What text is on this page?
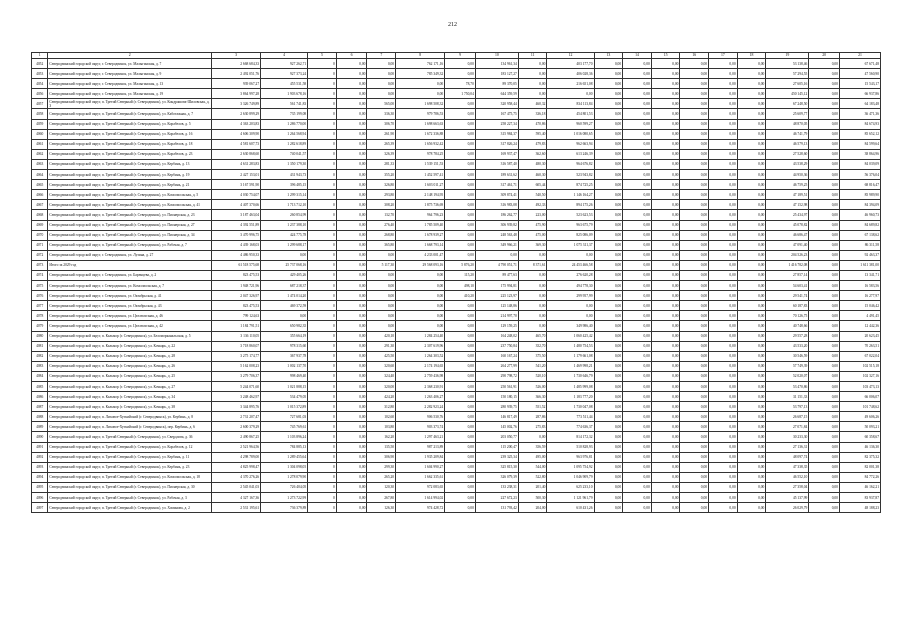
212
1	2	3	4	5	6	7	8	9	10	11	12	13	14	15	16	17	18	19	20	21
4052	Северодвинский городской округ, г. Северодвинск, ул. Малыгинская, д. 7	2 668 684,33	927 262,71	0	0,00	0,00	762 171,16	0,00	134 961,34	0,00	403 177,70	0,00	0,00	0,00	0,00	0,00	0,00	53 138,46	0,00	67 671,48
4053	Северодвинский городской округ, г. Северодвинск, ул. Малыгинская, д. 9	2 492 051,76	927 373,24	0	0,00	0,00	785 349,32	0,00	183 127,27	0,00	406 028,36	0,00	0,00	0,00	0,00	0,00	0,00	57 294,55	0,00	47 560,90
4054	Северодвинский городской округ, г. Северодвинск, ул. Малыгинская, д. 13	939 067,27	455 531,58	0	0,00	0,00	0,00	78,70	89 370,05	0,00	216 651,08	0,00	0,00	0,00	0,00	0,00	0,00	27 605,16	0,00	15 543,17
4056	Северодвинский городской округ, г. Северодвинск, ул. Малыгинская, д. 19	3 864 997,28	1 903 678,16	0	0,00	0,00	0,00	1 750,04	644 359,59	0,00	0,00	0,00	0,00	0,00	0,00	0,00	0,00	450 145,12	0,00	66 937,86
4057	Северодвинский городской округ, п. Третий Северный (г. Северодвинск), ул. Кондрашова-Шиловская, д. 3	3 326 749,89	561 741,83	0	0,00	565,00	1 698 508,32	0,00	320 958,44	460,32	834 113,84	0,00	0,00	0,00	0,00	0,00	0,00	67 248,50	0,00	64 183,48
4058	Северодвинский городской округ, п. Третий Северный (г. Северодвинск), ул. Каботажная, д. 7	2 630 899,29	735 199,08	0	0,00	336,30	979 786,53	0,00	167 475,75	336,18	454 801,53	0,00	0,00	0,00	0,00	0,00	0,00	25 609,77	0,00	36 471,36
4059	Северодвинский городской округ, п. Третий Северный (г. Северодвинск), ул. Корабелов, д. 5	4 363 203,83	1 286 770,00	0	0,00	306,70	1 698 663,63	0,00	258 227,34	470,86	960 599,27	0,00	0,00	0,00	0,00	0,00	0,00	48 870,05	0,00	84 674,93
4060	Северодвинский городской округ, п. Третий Северный (г. Северодвинск), ул. Корабелов, д. 16	4 606 309,90	1 264 568,94	0	0,00	261,90	1 672 336,88	0,00	315 984,37	595,40	1 016 080,65	0,00	0,00	0,00	0,00	0,00	0,00	46 741,79	0,00	85 652,12
4061	Северодвинский городской округ, п. Третий Северный (г. Северодвинск), ул. Корабелов, д. 18	4 581 607,73	1 282 618,89	0	0,00	265,39	1 656 932,42	0,00	317 826,24	479,83	962 663,94	0,00	0,00	0,00	0,00	0,00	0,00	46 579,13	0,00	84 599,64
4062	Северодвинский городской округ, п. Третий Северный (г. Северодвинск), ул. Корабелов, д. 23	2 630 868,60	740 041,57	0	0,00	326,39	978 784,25	0,00	169 937,47	362,60	613 246,39	0,00	0,00	0,00	0,00	0,00	0,00	27 528,60	0,00	38 864,96
4063	Северодвинский городской округ, п. Третий Северный (г. Северодвинск), ул. Кербинь, д. 13	4 631 283,83	1 350 179,30	0	0,00	281,33	1 539 151,53	0,00	316 587,40	480,30	964 676,82	0,00	0,00	0,00	0,00	0,00	0,00	43 538,29	0,00	84 039,09
4064	Северодвинский городской округ, п. Третий Северный (г. Северодвинск), ул. Кербинь, д. 19	2 427 153,01	431 943,73	0	0,00	355,20	1 452 597,41	0,00	189 631,62	460,30	523 943,82	0,00	0,00	0,00	0,00	0,00	0,00	44 950,36	0,00	56 376,04
4065	Северодвинский городской округ, п. Третий Северный (г. Северодвинск), ул. Кербинь, д. 21	3 167 591,90	396 485,15	0	0,00	326,80	1 603 011,27	0,00	317 461,71	605,44	874 725,25	0,00	0,00	0,00	0,00	0,00	0,00	46 759,25	0,00	68 816,47
4066	Северодвинский городской округ, п. Третий Северный (г. Северодвинск), ул. Комсомольская, д. 5	4 030 754,07	1 299 315,14	0	0,00	293,80	2 148 194,95	0,00	309 874,41	540,50	1 146 164,27	0,00	0,00	0,00	0,00	0,00	0,00	47 189,51	0,00	85 989,90
4067	Северодвинский городской округ, п. Третий Северный (г. Северодвинск), ул. Комсомольская, д. 41	4 407 370,66	1 713 712,10	0	0,00	308,20	1 875 736,69	0,00	316 983,08	492,33	894 175,26	0,00	0,00	0,00	0,00	0,00	0,00	47 152,98	0,00	84 394,09
4068	Северодвинский городской округ, п. Третий Северный (г. Северодвинск), ул. Пионерская, д. 23	3 187 463,04	260 854,99	0	0,00	132,70	964 796,23	0,00	186 262,77	223,00	523 623,53	0,00	0,00	0,00	0,00	0,00	0,00	25 434,97	0,00	46 960,73
4069	Северодвинский городской округ, п. Третий Северный (г. Северодвинск), ул. Пионерская, д. 27	4 392 551,89	1 237 388,10	0	0,00	276,40	1 785 509,40	0,00	306 939,82	475,90	963 675,79	0,00	0,00	0,00	0,00	0,00	0,00	45 078,82	0,00	84 689,82
4070	Северодвинский городской округ, п. Третий Северный (г. Северодвинск), ул. Пионерская, д. 34	3 470 996,75	424 775,78	0	0,00	268,80	1 678 939,27	0,00	248 563,48	475,00	825 086,09	0,00	0,00	0,00	0,00	0,00	0,00	46 686,47	0,00	67 138,62
4071	Северодвинский городской округ, п. Третий Северный (г. Северодвинск), ул. Рабочая, д. 7	4 439 168,03	1 299 688,17	0	0,00	365,80	1 668 793,14	0,00	349 966,21	369,30	1 075 311,37	0,00	0,00	0,00	0,00	0,00	0,00	47 091,40	0,00	86 311,58
4072	Северодвинский городской округ, г. Северодвинск, ул. Лузина, д. 27	4 486 950,33	0,00	0	0,00	0,00	4 233 001,47	0,00	0,00	0,00	0,00	0,00	0,00	0,00	0,00	0,00	0,00	204 526,23	0,00	92 463,37
4073	Итого за 2029 год	61 518 575,68	25 737 068,16	0	0,00	5 117,30	29 568 093,16	5 876,20	4 790 051,71	8 371,61	24 453 466,58	0,00	0,00	0,00	0,00	0,00	0,00	1 416 782,08	0,00	1 611 381,00
4074	Северодвинский городской округ, г. Северодвинск, ул. Баренцева, д. 2	823 475,53	429 405,26	0	0,00	0,00	0,00	115,20	89 477,63	0,00	276 620,28	0,00	0,00	0,00	0,00	0,00	0,00	27 857,14	0,00	13 341,71
4075	Северодвинский городской округ, г. Северодвинск, ул. Комсомольская, д. 7	1 948 721,96	687 218,37	0	0,00	0,00	0,00	498,10	175 994,81	0,00	494 778,30	0,00	0,00	0,00	0,00	0,00	0,00	54 603,41	0,00	16 583,56
4076	Северодвинский городской округ, г. Северодвинск, ул. Октябрьская, д. 41	2 047 326,97	1 474 014,20	0	0,00	0,00	0,00	410,20	225 123,97	0,00	299 957,99	0,00	0,00	0,00	0,00	0,00	0,00	29 541,74	0,00	16 277,97
4077	Северодвинский городской округ, г. Северодвинск, ул. Октябрьская, д. 43	823 475,53	469 372,59	0	0,00	0,00	0,00	0,00	125 148,86	0,00	0,00	0,00	0,00	0,00	0,00	0,00	0,00	60 187,83	0,00	15 046,42
4078	Северодвинский городской округ, г. Северодвинск, ул. Целлюлозная, д. 46	799 124,63	0,00	0	0,00	0,00	0,00	0,00	214 997,70	0,00	0,00	0,00	0,00	0,00	0,00	0,00	0,00	70 126,75	0,00	4 491,45
4079	Северодвинский городской округ, г. Северодвинск, ул. Целлюлозная, д. 42	1 184 791,51	650 982,35	0	0,00	0,00	0,00	0,00	129 159,25	0,00	349 986,40	0,00	0,00	0,00	0,00	0,00	0,00	40 748,66	0,00	12 442,36
4080	Северодвинский городской округ, п. Кальмор (г. Северодвинск), ул. Беломорканальская, д. 5	3 136 110,05	355 664,19	0	0,00	420,10	1 284 254,40	0,00	164 248,02	465,70	1 060 425,42	0,00	0,00	0,00	0,00	0,00	0,00	29 557,28	0,00	20 623,45
4081	Северодвинский городской округ, п. Кальмор (г. Северодвинск), ул. Кочкарь, д. 22	3 718 860,07	978 315,60	0	0,00	291,30	2 307 619,96	0,00	237 750,84	352,70	1 480 754,53	0,00	0,00	0,00	0,00	0,00	0,00	43 533,20	0,00	70 263,51
4082	Северодвинский городской округ, п. Кальмор (г. Северодвинск), ул. Кочкарь, д. 28	3 275 174,77	367 937,78	0	0,00	425,50	1 264 303,52	0,00	160 167,24	375,50	1 179 661,08	0,00	0,00	0,00	0,00	0,00	0,00	30 546,59	0,00	67 022,04
4083	Северодвинский городской округ, п. Кальмор (г. Северодвинск), ул. Кочкарь, д. 26	5 162 008,23	1 002 137,70	0	0,00	320,60	2 174 194,65	0,00	264 277,99	541,20	1 469 998,21	0,00	0,00	0,00	0,00	0,00	0,00	57 749,39	0,00	102 515,18
4084	Северодвинский городской округ, п. Кальмор (г. Северодвинск), ул. Кочкарь, д. 25	3 279 706,37	998 469,40	0	0,00	324,40	2 759 436,98	0,00	290 798,72	520,10	1 730 646,79	0,00	0,00	0,00	0,00	0,00	0,00	52 020,07	0,00	102 327,16
4085	Северодвинский городской округ, п. Кальмор (г. Северодвинск), ул. Кочкарь, д. 27	5 244 071,60	1 021 888,15	0	0,00	320,00	2 368 230,91	0,00	250 561,91	526,00	1 485 999,08	0,00	0,00	0,00	0,00	0,00	0,00	53 470,86	0,00	103 473,13
4086	Северодвинский городской округ, п. Кальмор (г. Северодвинск), ул. Кочкарь, д. 34	3 248 462,97	534 479,05	0	0,00	424,20	1 263 406,27	0,00	150 180,15	366,30	1 183 777,20	0,00	0,00	0,00	0,00	0,00	0,00	31 151,33	0,00	66 006,07
4087	Северодвинский городской округ, п. Кальмор (г. Северодвинск), ул. Кочкарь, д. 38	3 344 895,76	1 015 372,89	0	0,00	312,80	2 282 923,24	0,00	280 939,75	551,52	1 730 047,08	0,00	0,00	0,00	0,00	0,00	0,00	53 797,13	0,00	101 748,62
4088	Северодвинский городской округ, п. Лиховое-Хуткийский (г. Северодвинск), ул. Кербинь, д. 8	2 731 207,47	727 681,03	0	0,00	102,60	906 530,76	0,00	146 817,49	287,86	773 511,44	0,00	0,00	0,00	0,00	0,00	0,00	26 687,15	0,00	49 606,26
4089	Северодвинский городской округ, п. Лиховое-Хуткийский (г. Северодвинск), пер. Кербинь, д. 6	2 600 379,29	745 769,61	0	0,00	103,80	903 373,74	0,00	145 002,76	275,83	774 636,37	0,00	0,00	0,00	0,00	0,00	0,00	27 071,84	0,00	50 093,21
4090	Северодвинский городской округ, п. Третий Северный (г. Северодвинск), ул. Свердлова, д. 36	2 490 867,25	1 103 896,24	0	0,00	162,20	1 297 463,21	0,00	203 050,77	0,00	814 172,32	0,00	0,00	0,00	0,00	0,00	0,00	30 233,30	0,00	60 358,67
4091	Северодвинский городской округ, п. Третий Северный (г. Северодвинск), ул. Корабелов, д. 12	2 521 964,56	784 885,13	0	0,00	135,50	987 213,89	0,00	115 200,47	356,59	510 828,93	0,00	0,00	0,00	0,00	0,00	0,00	27 136,31	0,00	46 136,30
4092	Северодвинский городской округ, п. Третий Северный (г. Северодвинск), ул. Кербинь, д. 11	4 298 789,00	1 289 455,64	0	0,00	306,90	1 935 209,84	0,00	239 325,34	495,00	963 976,81	0,00	0,00	0,00	0,00	0,00	0,00	48 097,74	0,00	82 375,32
4093	Северодвинский городской округ, п. Третий Северный (г. Северодвинск), ул. Кербинь, д. 23	4 825 998,47	1 304 098,05	0	0,00	299,30	1 604 990,27	0,00	325 815,30	544,00	1 095 754,92	0,00	0,00	0,00	0,00	0,00	0,00	47 338,35	0,00	82 001,38
4094	Северодвинский городской округ, п. Третий Северный (г. Северодвинск), ул. Комсомольская, д. 18	4 370 276,26	1 278 079,90	0	0,00	265,20	1 662 335,61	0,00	326 079,39	522,80	1 046 909,79	0,00	0,00	0,00	0,00	0,00	0,00	46 552,10	0,00	84 772,26
4095	Северодвинский городской округ, п. Третий Северный (г. Северодвинск), ул. Пионерская, д. 30	2 545 041,03	726 404,05	0	0,00	120,30	972 083,65	0,00	133 238,31	201,40	625 233,10	0,00	0,00	0,00	0,00	0,00	0,00	27 358,04	0,00	46 162,21
4096	Северодвинский городской округ, п. Третий Северный (г. Северодвинск), ул. Рабочая, д. 3	4 327 167,36	1 273 722,99	0	0,00	267,80	1 614 994,02	0,00	227 672,23	500,30	1 121 961,79	0,00	0,00	0,00	0,00	0,00	0,00	45 137,99	0,00	83 937,87
4097	Северодвинский городской округ, п. Третий Северный (г. Северодвинск), ул. Хоминова, д. 2	2 531 195,61	736 379,89	0	0,00	126,30	974 428,72	0,00	131 793,42	204,00	610 431,26	0,00	0,00	0,00	0,00	0,00	0,00	26 029,79	0,00	48 188,23
